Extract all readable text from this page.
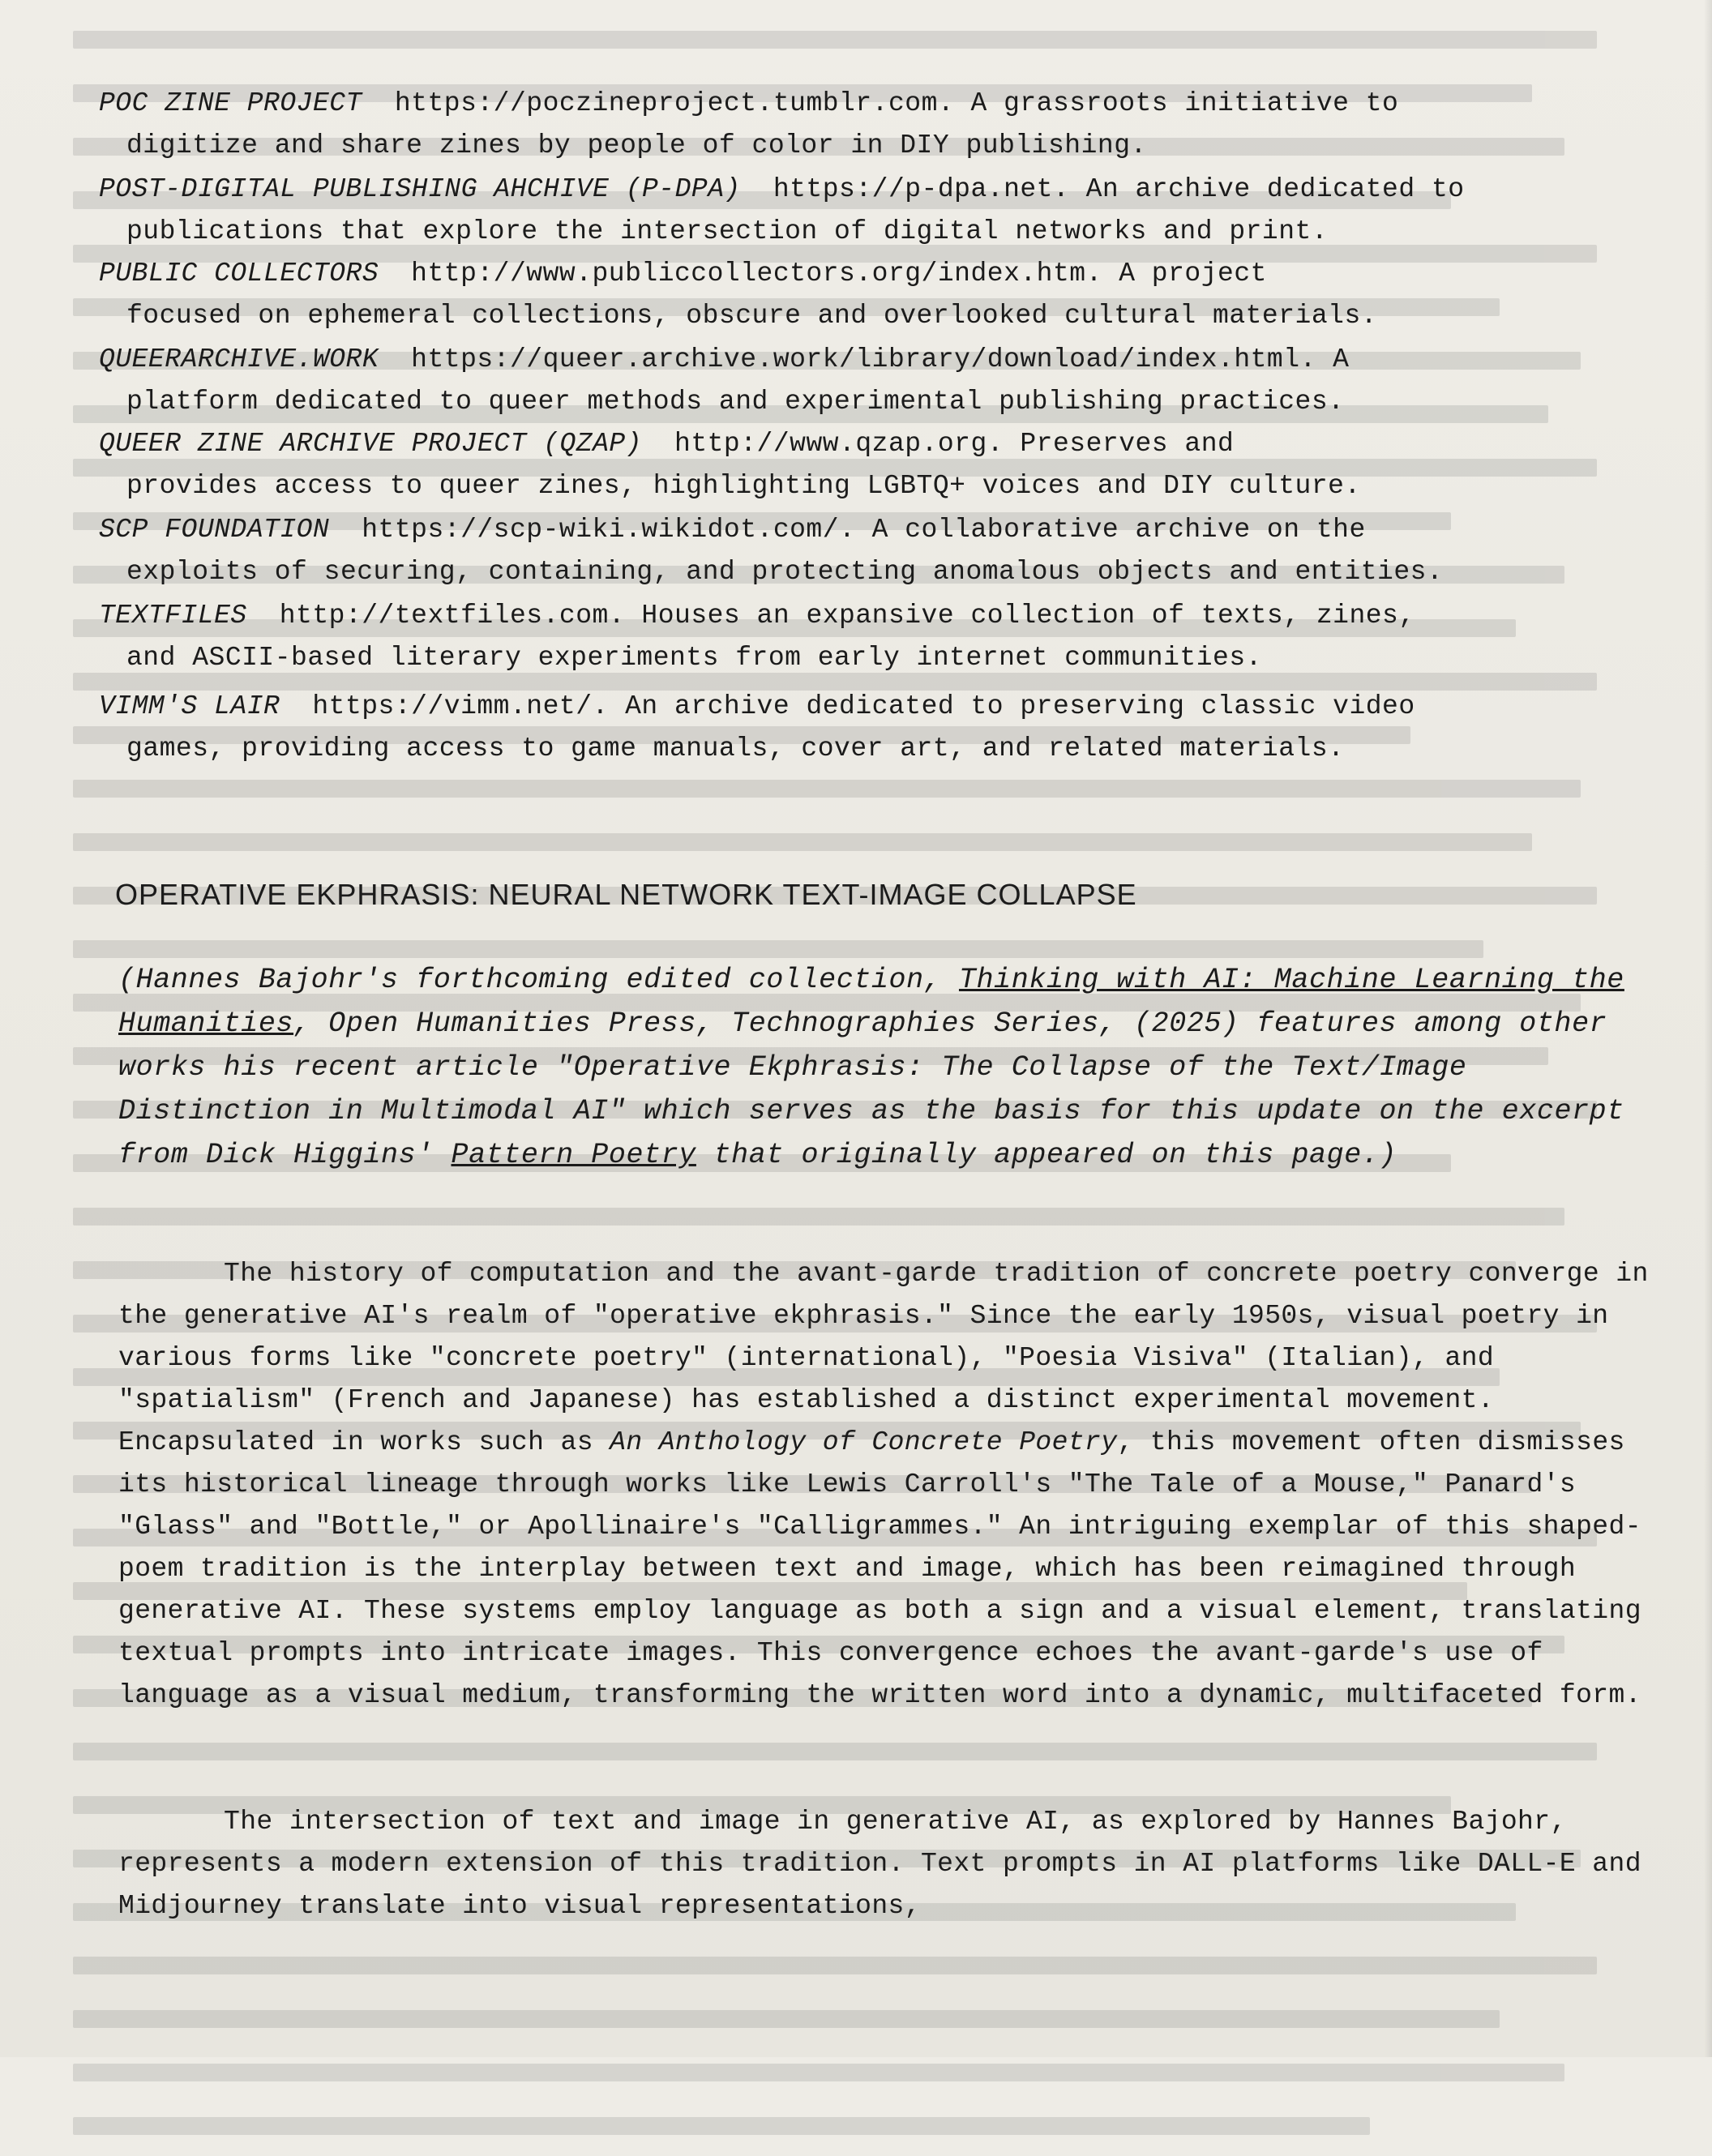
POC ZINE PROJECT https://poczineproject.tumblr.com. A grassroots initiative to
digitize and share zines by people of color in DIY publishing.
POST-DIGITAL PUBLISHING AHCHIVE (P-DPA) https://p-dpa.net. An archive dedicated to
publications that explore the intersection of digital networks and print.
PUBLIC COLLECTORS http://www.publiccollectors.org/index.htm. A project
focused on ephemeral collections, obscure and overlooked cultural materials.
QUEERARCHIVE.WORK https://queer.archive.work/library/download/index.html. A
platform dedicated to queer methods and experimental publishing practices.
QUEER ZINE ARCHIVE PROJECT (QZAP) http://www.qzap.org. Preserves and
provides access to queer zines, highlighting LGBTQ+ voices and DIY culture.
SCP FOUNDATION https://scp-wiki.wikidot.com/. A collaborative archive on the
exploits of securing, containing, and protecting anomalous objects and entities.
TEXTFILES http://textfiles.com. Houses an expansive collection of texts, zines,
and ASCII-based literary experiments from early internet communities.
VIMM'S LAIR https://vimm.net/. An archive dedicated to preserving classic video
games, providing access to game manuals, cover art, and related materials.
OPERATIVE EKPHRASIS: NEURAL NETWORK TEXT-IMAGE COLLAPSE
(Hannes Bajohr's forthcoming edited collection, Thinking with AI: Machine Learning the Humanities, Open Humanities Press, Technographies Series, (2025) features among other works his recent article "Operative Ekphrasis: The Collapse of the Text/Image Distinction in Multimodal AI" which serves as the basis for this update on the excerpt from Dick Higgins' Pattern Poetry that originally appeared on this page.)
The history of computation and the avant-garde tradition of concrete poetry converge in the generative AI's realm of "operative ekphrasis." Since the early 1950s, visual poetry in various forms like "concrete poetry" (international), "Poesia Visiva" (Italian), and "spatialism" (French and Japanese) has established a distinct experimental movement. Encapsulated in works such as An Anthology of Concrete Poetry, this movement often dismisses its historical lineage through works like Lewis Carroll's "The Tale of a Mouse," Panard's "Glass" and "Bottle," or Apollinaire's "Calligrammes." An intriguing exemplar of this shaped-poem tradition is the interplay between text and image, which has been reimagined through generative AI. These systems employ language as both a sign and a visual element, translating textual prompts into intricate images. This convergence echoes the avant-garde's use of language as a visual medium, transforming the written word into a dynamic, multifaceted form.
The intersection of text and image in generative AI, as explored by Hannes Bajohr, represents a modern extension of this tradition. Text prompts in AI platforms like DALL-E and Midjourney translate into visual representations,
